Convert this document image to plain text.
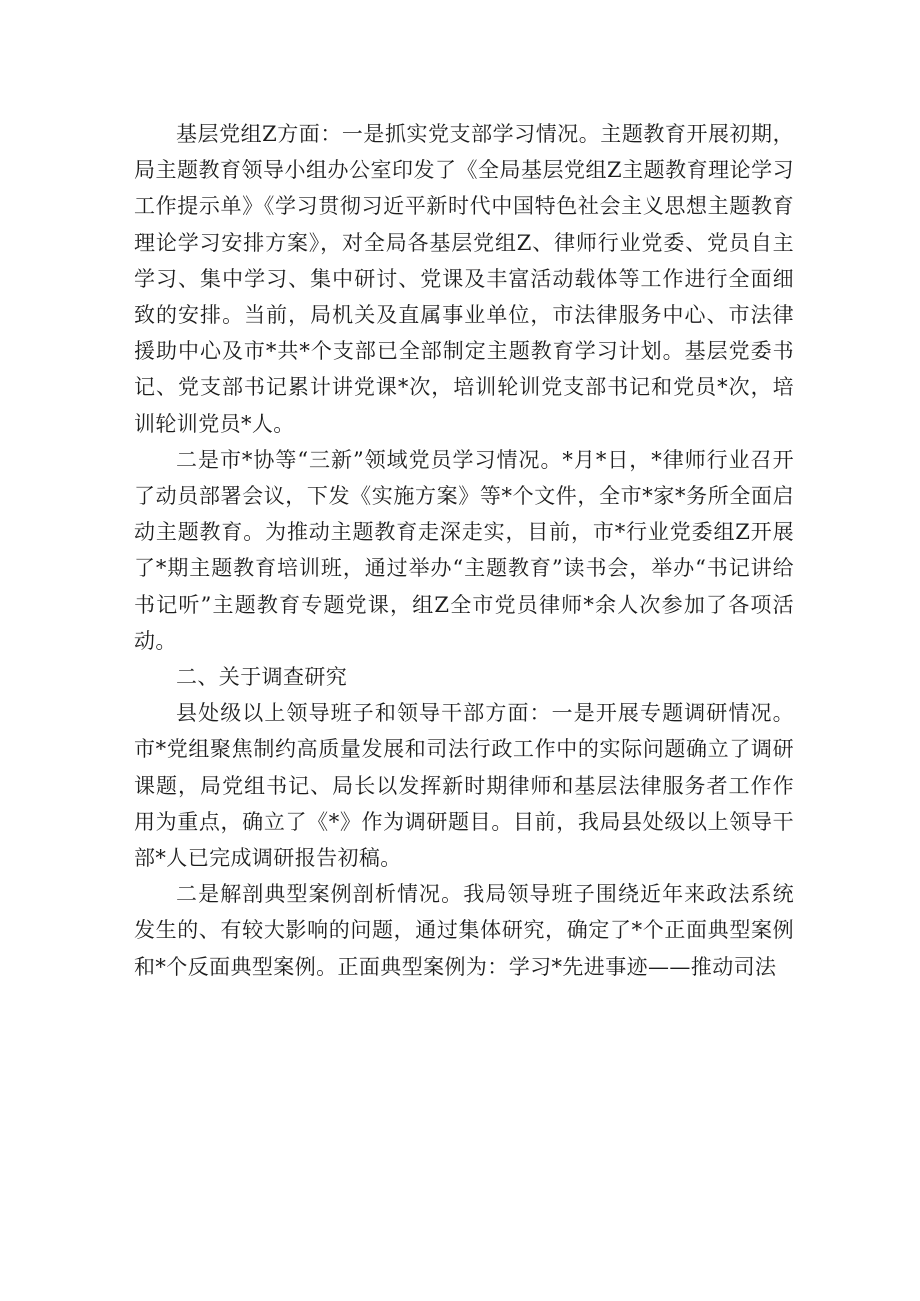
基层党组Z方面：一是抓实党支部学习情况。主题教育开展初期，局主题教育领导小组办公室印发了《全局基层党组Z主题教育理论学习工作提示单》《学习贯彻习近平新时代中国特色社会主义思想主题教育理论学习安排方案》，对全局各基层党组Z、律师行业党委、党员自主学习、集中学习、集中研讨、党课及丰富活动载体等工作进行全面细致的安排。当前，局机关及直属事业单位，市法律服务中心、市法律援助中心及市*共*个支部已全部制定主题教育学习计划。基层党委书记、党支部书记累计讲党课*次，培训轮训党支部书记和党员*次，培训轮训党员*人。

二是市*协等“三新”领域党员学习情况。*月*日，*律师行业召开了动员部署会议，下发《实施方案》等*个文件，全市*家*务所全面启动主题教育。为推动主题教育走深走实，目前，市*行业党委组Z开展了*期主题教育培训班，通过举办“主题教育”读书会，举办“书记讲给书记听”主题教育专题党课，组Z全市党员律师*余人次参加了各项活动。

二、关于调查研究

县处级以上领导班子和领导干部方面：一是开展专题调研情况。市*党组聚焦制约高质量发展和司法行政工作中的实际问题确立了调研课题，局党组书记、局长以发挥新时期律师和基层法律服务者工作作用为重点，确立了《*》作为调研题目。目前，我局县处级以上领导干部*人已完成调研报告初稿。

二是解剖典型案例剖析情况。我局领导班子围绕近年来政法系统发生的、有较大影响的问题，通过集体研究，确定了*个正面典型案例和*个反面典型案例。正面典型案例为：学习*先进事迹——推动司法
